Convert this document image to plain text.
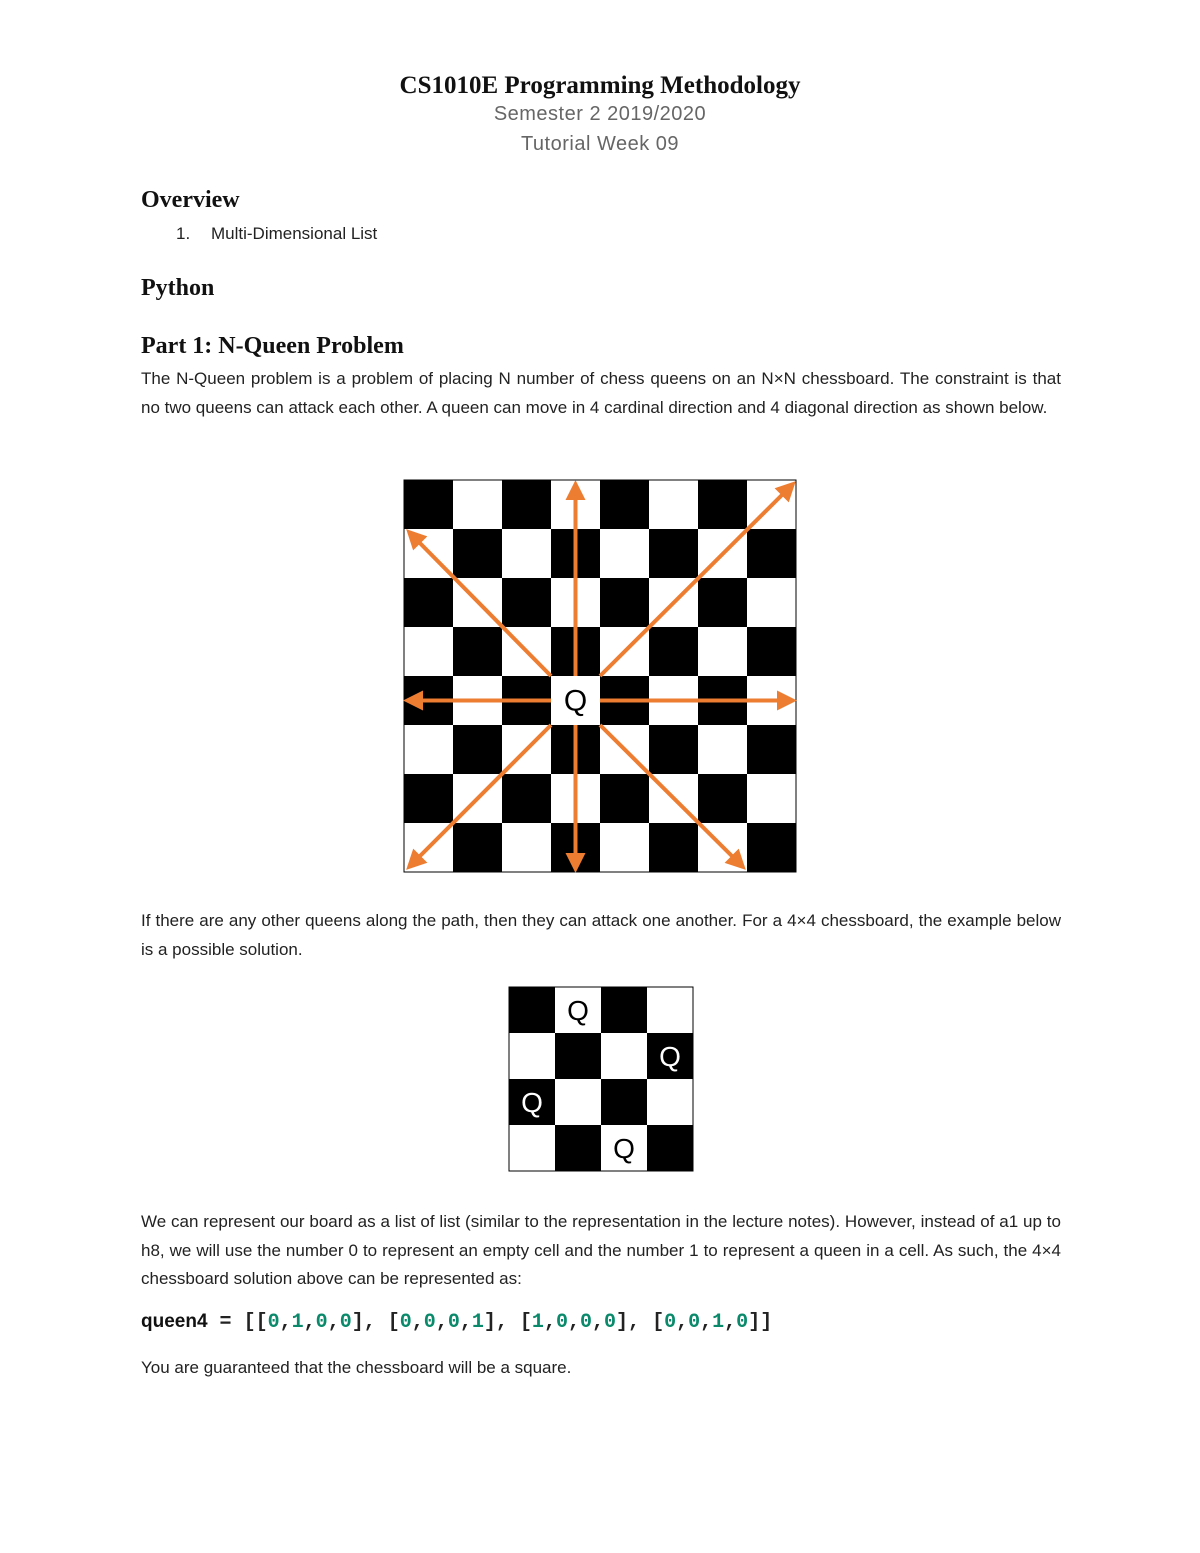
CS1010E Programming Methodology
Semester 2 2019/2020
Tutorial Week 09
Overview
1. Multi-Dimensional List
Python
Part 1: N-Queen Problem
The N-Queen problem is a problem of placing N number of chess queens on an N×N chessboard. The constraint is that no two queens can attack each other. A queen can move in 4 cardinal direction and 4 diagonal direction as shown below.
Q
If there are any other queens along the path, then they can attack one another. For a 4×4 chessboard, the example below is a possible solution.
Q
Q
Q
Q
We can represent our board as a list of list (similar to the representation in the lecture notes). However, instead of a1 up to h8, we will use the number 0 to represent an empty cell and the number 1 to represent a queen in a cell. As such, the 4×4 chessboard solution above can be represented as:
queen4 = [[0,1,0,0], [0,0,0,1], [1,0,0,0], [0,0,1,0]]
You are guaranteed that the chessboard will be a square.
